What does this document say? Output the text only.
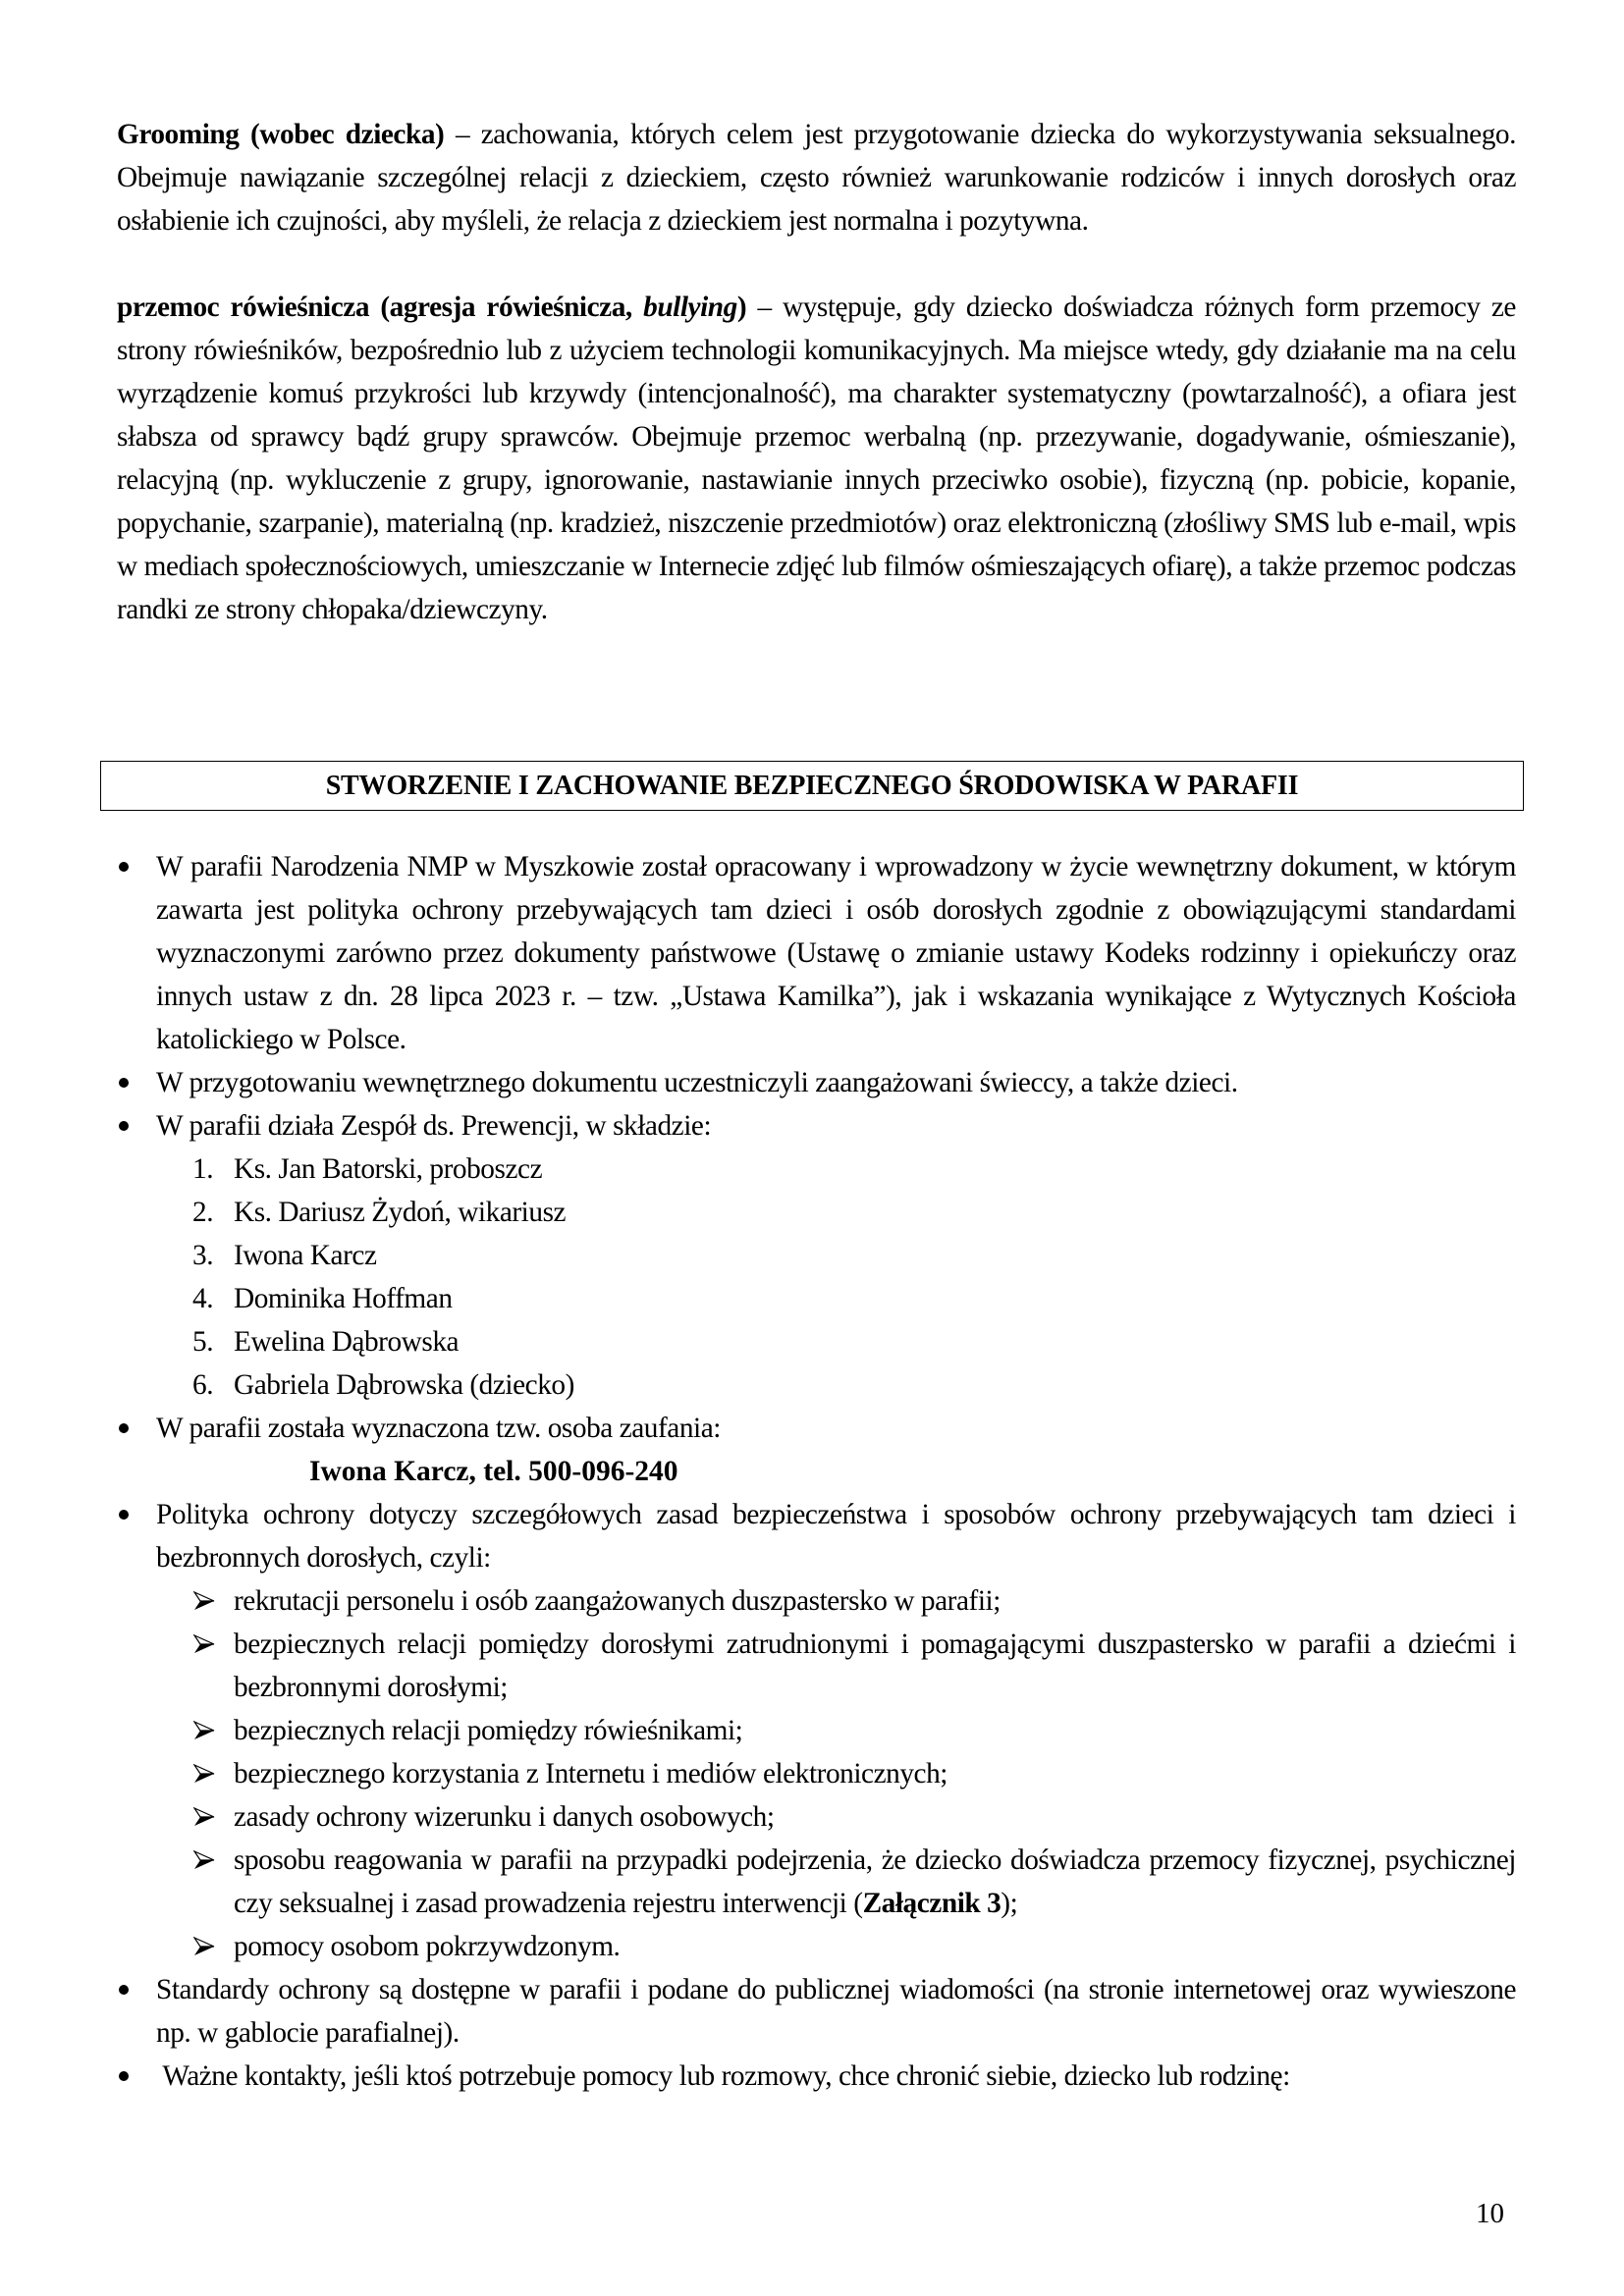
Grooming (wobec dziecka) – zachowania, których celem jest przygotowanie dziecka do wykorzystywania seksualnego. Obejmuje nawiązanie szczególnej relacji z dzieckiem, często również warunkowanie rodziców i innych dorosłych oraz osłabienie ich czujności, aby myśleli, że relacja z dzieckiem jest normalna i pozytywna.
przemoc rówieśnicza (agresja rówieśnicza, bullying) – występuje, gdy dziecko doświadcza różnych form przemocy ze strony rówieśników, bezpośrednio lub z użyciem technologii komunikacyjnych. Ma miejsce wtedy, gdy działanie ma na celu wyrządzenie komuś przykrości lub krzywdy (intencjonalność), ma charakter systematyczny (powtarzalność), a ofiara jest słabsza od sprawcy bądź grupy sprawców. Obejmuje przemoc werbalną (np. przezywanie, dogadywanie, ośmieszanie), relacyjną (np. wykluczenie z grupy, ignorowanie, nastawianie innych przeciwko osobie), fizyczną (np. pobicie, kopanie, popychanie, szarpanie), materialną (np. kradzież, niszczenie przedmiotów) oraz elektroniczną (złośliwy SMS lub e-mail, wpis w mediach społecznościowych, umieszczanie w Internecie zdjęć lub filmów ośmieszających ofiarę), a także przemoc podczas randki ze strony chłopaka/dziewczyny.
STWORZENIE I ZACHOWANIE BEZPIECZNEGO ŚRODOWISKA W PARAFII
W parafii Narodzenia NMP w Myszkowie został opracowany i wprowadzony w życie wewnętrzny dokument, w którym zawarta jest polityka ochrony przebywających tam dzieci i osób dorosłych zgodnie z obowiązującymi standardami wyznaczonymi zarówno przez dokumenty państwowe (Ustawę o zmianie ustawy Kodeks rodzinny i opiekuńczy oraz innych ustaw z dn. 28 lipca 2023 r. – tzw. „Ustawa Kamilka”), jak i wskazania wynikające z Wytycznych Kościoła katolickiego w Polsce.
W przygotowaniu wewnętrznego dokumentu uczestniczyli zaangażowani świeccy, a także dzieci.
W parafii działa Zespół ds. Prewencji, w składzie:
1. Ks. Jan Batorski, proboszcz
2. Ks. Dariusz Żydoń, wikariusz
3. Iwona Karcz
4. Dominika Hoffman
5. Ewelina Dąbrowska
6. Gabriela Dąbrowska (dziecko)
W parafii została wyznaczona tzw. osoba zaufania:
Iwona Karcz, tel. 500-096-240
Polityka ochrony dotyczy szczegółowych zasad bezpieczeństwa i sposobów ochrony przebywających tam dzieci i bezbronnych dorosłych, czyli:
rekrutacji personelu i osób zaangażowanych duszpastersko w parafii;
bezpiecznych relacji pomiędzy dorosłymi zatrudnionymi i pomagającymi duszpastersko w parafii a dziećmi i bezbronnymi dorosłymi;
bezpiecznych relacji pomiędzy rówieśnikami;
bezpiecznego korzystania z Internetu i mediów elektronicznych;
zasady ochrony wizerunku i danych osobowych;
sposobu reagowania w parafii na przypadki podejrzenia, że dziecko doświadcza przemocy fizycznej, psychicznej czy seksualnej i zasad prowadzenia rejestru interwencji (Załącznik 3);
pomocy osobom pokrzywdzonym.
Standardy ochrony są dostępne w parafii i podane do publicznej wiadomości (na stronie internetowej oraz wywieszone np. w gablocie parafialnej).
Ważne kontakty, jeśli ktoś potrzebuje pomocy lub rozmowy, chce chronić siebie, dziecko lub rodzinę:
10
